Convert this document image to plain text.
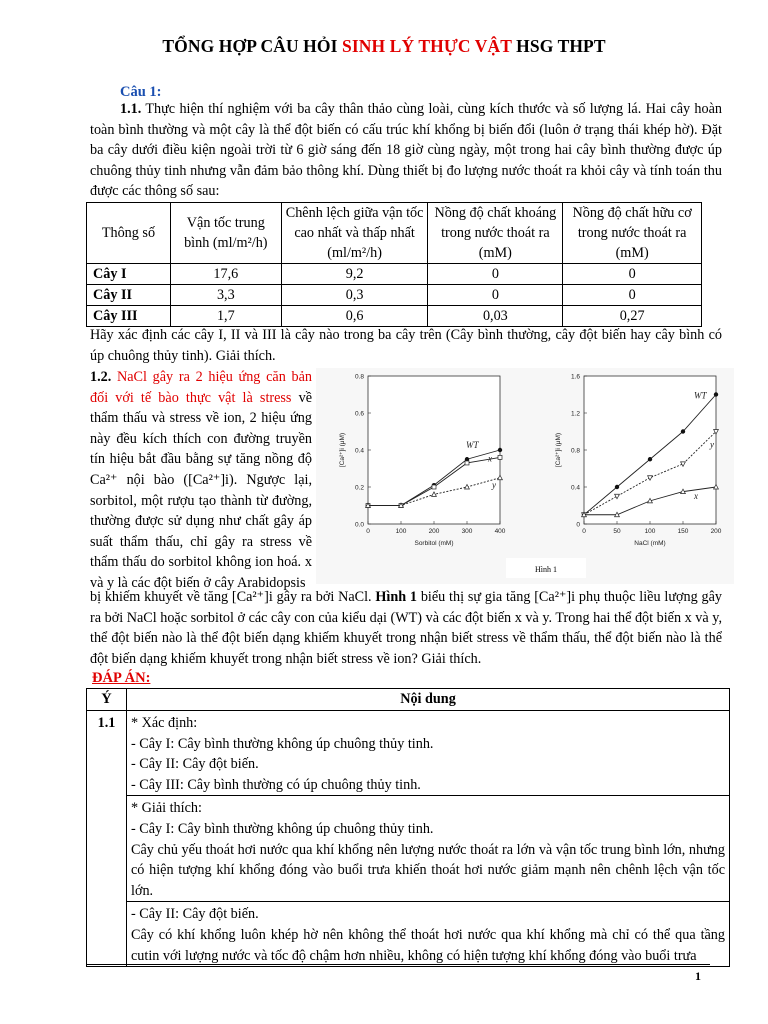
TỔNG HỢP CÂU HỎI SINH LÝ THỰC VẬT HSG THPT
Câu 1:
1.1. Thực hiện thí nghiệm với ba cây thân thảo cùng loài, cùng kích thước và số lượng lá. Hai cây hoàn toàn bình thường và một cây là thể đột biến có cấu trúc khí khổng bị biến đổi (luôn ở trạng thái khép hờ). Đặt ba cây dưới điều kiện ngoài trời từ 6 giờ sáng đến 18 giờ cùng ngày, một trong hai cây bình thường được úp chuông thủy tinh nhưng vẫn đảm bảo thông khí. Dùng thiết bị đo lượng nước thoát ra khỏi cây và tính toán thu được các thông số sau:
Thông số	Vận tốc trung bình (ml/m²/h)	Chênh lệch giữa vận tốc cao nhất và thấp nhất (ml/m²/h)	Nồng độ chất khoáng trong nước thoát ra (mM)	Nồng độ chất hữu cơ trong nước thoát ra (mM)
Cây I	17,6	9,2	0	0
Cây II	3,3	0,3	0	0
Cây III	1,7	0,6	0,03	0,27
Hãy xác định các cây I, II và III là cây nào trong ba cây trên (Cây bình thường, cây đột biến hay cây bình có úp chuông thủy tinh). Giải thích.
1.2. NaCl gây ra 2 hiệu ứng căn bản đối với tế bào thực vật là stress về thẩm thấu và stress về ion, 2 hiệu ứng này đều kích thích con đường truyền tín hiệu bắt đầu bằng sự tăng nồng độ Ca²⁺ nội bào ([Ca²⁺]i). Ngược lại, sorbitol, một rượu tạo thành từ đường, thường được sử dụng như chất gây áp suất thẩm thấu, chỉ gây ra stress về thẩm thấu do sorbitol không ion hoá. x và y là các đột biến ở cây Arabidopsis
0	100	200	300	400
0.0
0.2
0.4
0.6
0.8
Sorbitol (mM)
[Ca²⁺]i (μM)	WT
x
y
0	50	100	150	200
0
0.4
0.8
1.2
1.6
NaCl (mM)
[Ca²⁺]i (μM)
WT
y
x
Hình 1
bị khiếm khuyết về tăng [Ca²⁺]i gây ra bởi NaCl. Hình 1 biểu thị sự gia tăng [Ca²⁺]i phụ thuộc liều lượng gây ra bởi NaCl hoặc sorbitol ở các cây con của kiểu dại (WT) và các đột biến x và y. Trong hai thể đột biến x và y, thể đột biến nào là thể đột biến dạng khiếm khuyết trong nhận biết stress về thẩm thấu, thể đột biến nào là thể đột biến dạng khiếm khuyết trong nhận biết stress về ion? Giải thích.
ĐÁP ÁN:
Ý	Nội dung
1.1	* Xác định:
- Cây I: Cây bình thường không úp chuông thủy tinh.
- Cây II: Cây đột biến.
- Cây III: Cây bình thường có úp chuông thủy tinh.

	* Giải thích:
- Cây I: Cây bình thường không úp chuông thủy tinh.
Cây chủ yếu thoát hơi nước qua khí khổng nên lượng nước thoát ra lớn và vận tốc trung bình lớn, nhưng có hiện tượng khí khổng đóng vào buổi trưa khiến thoát hơi nước giảm mạnh nên chênh lệch vận tốc lớn.

	- Cây II: Cây đột biến.
Cây có khí khổng luôn khép hờ nên không thể thoát hơi nước qua khí khổng mà chỉ có thể qua tầng cutin với lượng nước và tốc độ chậm hơn nhiều, không có hiện tượng khí khổng đóng vào buổi trưa
1
